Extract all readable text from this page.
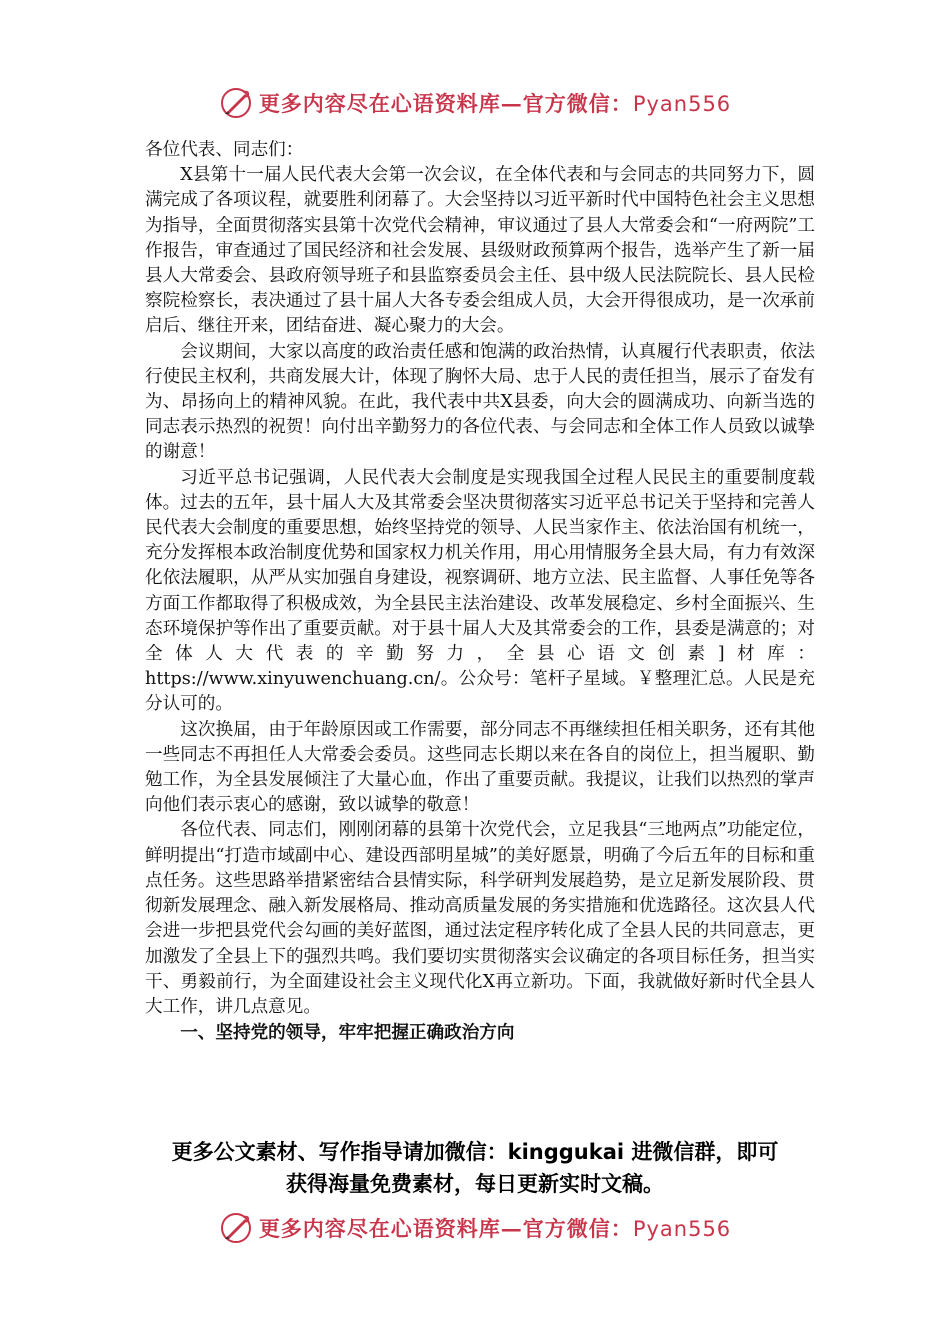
更多内容尽在心语资料库—官方微信：Pyan556

各位代表、同志们：

X县第十一届人民代表大会第一次会议，在全体代表和与会同志的共同努力下，圆满完成了各项议程，就要胜利闭幕了。大会坚持以习近平新时代中国特色社会主义思想为指导，全面贯彻落实县第十次党代会精神，审议通过了县人大常委会和“一府两院”工作报告，审查通过了国民经济和社会发展、县级财政预算两个报告，选举产生了新一届县人大常委会、县政府领导班子和县监察委员会主任、县中级人民法院院长、县人民检察院检察长，表决通过了县十届人大各专委会组成人员，大会开得很成功，是一次承前启后、继往开来，团结奋进、凝心聚力的大会。

会议期间，大家以高度的政治责任感和饱满的政治热情，认真履行代表职责，依法行使民主权利，共商发展大计，体现了胸怀大局、忠于人民的责任担当，展示了奋发有为、昂扬向上的精神风貌。在此，我代表中共X县委，向大会的圆满成功、向新当选的同志表示热烈的祝贺！向付出辛勤努力的各位代表、与会同志和全体工作人员致以诚挚的谢意！

习近平总书记强调，人民代表大会制度是实现我国全过程人民民主的重要制度载体。过去的五年，县十届人大及其常委会坚决贯彻落实习近平总书记关于坚持和完善人民代表大会制度的重要思想，始终坚持党的领导、人民当家作主、依法治国有机统一，充分发挥根本政治制度优势和国家权力机关作用，用心用情服务全县大局，有力有效深化依法履职，从严从实加强自身建设，视察调研、地方立法、民主监督、人事任免等各方面工作都取得了积极成效，为全县民主法治建设、改革发展稳定、乡村全面振兴、生态环境保护等作出了重要贡献。对于县十届人大及其常委会的工作，县委是满意的；对全体人大代表的辛勤努力，全县心语文创素]材库：https://www.xinyuwenchuang.cn/。公众号：笔杆子星域。￥整理汇总。人民是充分认可的。

这次换届，由于年龄原因或工作需要，部分同志不再继续担任相关职务，还有其他一些同志不再担任人大常委会委员。这些同志长期以来在各自的岗位上，担当履职、勤勉工作，为全县发展倾注了大量心血，作出了重要贡献。我提议，让我们以热烈的掌声向他们表示衷心的感谢，致以诚挚的敬意！

各位代表、同志们，刚刚闭幕的县第十次党代会，立足我县“三地两点”功能定位，鲜明提出“打造市域副中心、建设西部明星城”的美好愿景，明确了今后五年的目标和重点任务。这些思路举措紧密结合县情实际，科学研判发展趋势，是立足新发展阶段、贯彻新发展理念、融入新发展格局、推动高质量发展的务实措施和优选路径。这次县人代会进一步把县党代会勾画的美好蓝图，通过法定程序转化成了全县人民的共同意志，更加激发了全县上下的强烈共鸣。我们要切实贯彻落实会议确定的各项目标任务，担当实干、勇毅前行，为全面建设社会主义现代化X再立新功。下面，我就做好新时代全县人大工作，讲几点意见。

一、坚持党的领导，牢牢把握正确政治方向

更多公文素材、写作指导请加微信：kinggukai 进微信群，即可
获得海量免费素材，每日更新实时文稿。
更多内容尽在心语资料库—官方微信：Pyan556
